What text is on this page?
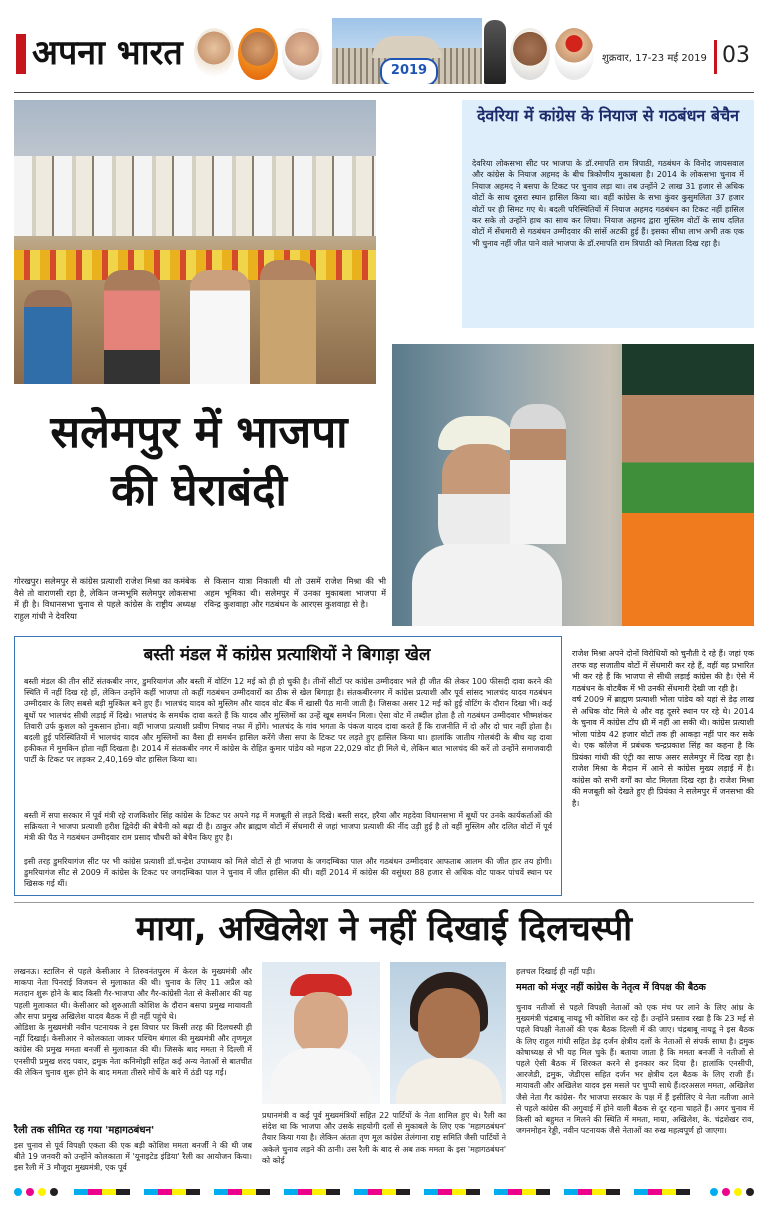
अपना भारत	2019
शुक्रवार, 17-23 मई 2019 03
देवरिया में कांग्रेस के नियाज से गठबंधन बेचैन
देवरिया लोकसभा सीट पर भाजपा के डॉ.रमापति राम त्रिपाठी, गठबंधन के विनोद जायसवाल और कांग्रेस के नियाज अहमद के बीच त्रिकोणीय मुकाबला है। 2014 के लोकसभा चुनाव में नियाज अहमद ने बसपा के टिकट पर चुनाव लड़ा था। तब उन्होंने 2 लाख 31 हजार से अधिक वोटों के साथ दूसरा स्थान हासिल किया था। वहीं कांग्रेस के सभा कुंवर कुसुमलिता 37 हजार वोटों पर ही सिमट गए थे। बदली परिस्थितियों में नियाज अहमद गठबंधन का टिकट नहीं हासिल कर सके तो उन्होंने हाथ का साथ कर लिया। नियाज अहमद द्वारा मुस्लिम वोटों के साथ दलित वोटों में सेंधमारी से गठबंधन उम्मीदवार की सांसें अटकी हुई हैं। इसका सीधा लाभ अभी तक एक भी चुनाव नहीं जीत पाने वाले भाजपा के डॉ.रमापति राम त्रिपाठी को मिलता दिख रहा है।
सलेमपुर में भाजपा
की घेराबंदी
गोरखपुर। सलेमपुर से कांग्रेस प्रत्याशी राजेश मिश्रा का कमंबेक वैसे तो वाराणसी रहा है, लेकिन जन्मभूमि सलेमपुर लोकसभा में ही है। विधानसभा चुनाव से पहले कांग्रेस के राष्ट्रीय अध्यक्ष राहुल गांधी ने देवरिया
से किसान यात्रा निकाली थी तो उसमें राजेश मिश्रा की भी अहम भूमिका थी। सलेमपुर में उनका मुकाबला भाजपा में रविन्द्र कुशवाहा और गठबंधन के आरएस कुशवाहा से है।
बस्ती मंडल में कांग्रेस प्रत्याशियों ने बिगाड़ा खेल
बस्ती मंडल की तीन सीटें संतकबीर नगर, डुमरियागंज और बस्ती में वोटिंग 12 मई को ही हो चुकी है। तीनों सीटों पर कांग्रेस उम्मीदवार भले ही जीत की लेकर 100 फीसदी दावा करने की स्थिति में नहीं दिख रहे हों, लेकिन उन्होंने कहीं भाजपा तो कहीं गठबंधन उम्मीदवारों का ठीक से खेल बिगाड़ा है। संतकबीरनगर में कांग्रेस प्रत्याशी और पूर्व सांसद भालचंद यादव गठबंधन उम्मीदवार के लिए सबसे बड़ी मुश्किल बने हुए हैं। भालचंद यादव को मुस्लिम और यादव वोट बैंक में खासी पैठ मानी जाती है। जिसका असर 12 मई को हुई वोटिंग के दौरान दिखा भी। कई बूथों पर भालचंद सीधी लड़ाई में दिखे। भालचंद के समर्थक दावा करते हैं कि यादव और मुस्लिमों का उन्हें खूब समर्थन मिला। ऐसा वोट में तब्दील होता है तो गठबंधन उम्मीदवार भीष्मशंकर तिवारी उर्फ कुशल को नुकसान होना। वहीं भाजपा प्रत्याशी प्रवीण निषाद नफा में होंगे। भालचंद के गांव भगता के पंकज यादव दावा करते हैं कि राजनीति में दो और दो चार नहीं होता है। बदली हुई परिस्थितियों में भालचंद यादव और मुस्लिमों का वैसा ही समर्थन हासिल करेंगे जैसा सपा के टिकट पर लड़ते हुए हासिल किया था। हालांकि जातीय गोलबंदी के बीच यह दावा हकीकत में मुमकिन होता नहीं दिखता है। 2014 में संतकबीर नगर में कांग्रेस के रोहित कुमार पांडेय को महज 22,029 वोट ही मिले थे, लेकिन बात भालचंद की करें तो उन्होंने समाजवादी पार्टी के टिकट पर लड़कर 2,40,169 वोट हासिल किया था।
बस्ती में सपा सरकार में पूर्व मंत्री रहे राजकिशोर सिंह कांग्रेस के टिकट पर अपने गढ़ में मजबूती से लड़ते दिखे। बस्ती सदर, हरैया और महदेवा विधानसभा में बूथों पर उनके कार्यकर्ताओं की सक्रियता ने भाजपा प्रत्याशी हरीश द्विवेदी की बेचैनी को बढ़ा दी है। ठाकुर और ब्राह्मण वोटों में सेंधमारी से जहां भाजपा प्रत्याशी की नींद उड़ी हुई है तो वहीं मुस्लिम और दलित वोटों में पूर्व मंत्री की पैठ ने गठबंधन उम्मीदवार राम प्रसाद चौधरी को बेचैन किए हुए है।
इसी तरह डुमरियागंज सीट पर भी कांग्रेस प्रत्याशी डॉ.चन्द्रेश उपाध्याय को मिले वोटों से ही भाजपा के जगदम्बिका पाल और गठबंधन उम्मीदवार आफताब आलम की जीत हार तय होगी। डुमरियागंज सीट से 2009 में कांग्रेस के टिकट पर जगदम्बिका पाल ने चुनाव में जीत हासिल की थी। वहीं 2014 में कांग्रेस की वसुंधरा 88 हजार से अधिक वोट पाकर पांचवें स्थान पर खिसक गई थीं।
राजेश मिश्रा अपने दोनों विरोधियों को चुनौती दे रहे हैं। जहां एक तरफ वह सजातीय वोटों में सेंधमारी कर रहे हैं, वहीं वह प्रभारित भी कर रहे हैं कि भाजपा से सीधी लड़ाई कांग्रेस की है। ऐसे में गठबंधन के वोटबैंक में भी उनकी सेंधमारी देखी जा रही है।
वर्ष 2009 में ब्राह्मण प्रत्याशी भोला पांडेय को यहां से डेढ़ लाख से अधिक वोट मिले थे और वह दूसरे स्थान पर रहे थे। 2014 के चुनाव में कांग्रेस टॉप थ्री में नहीं आ सकी थी। कांग्रेस प्रत्याशी भोला पांडेय 42 हजार वोटों तक ही आकड़ा नहीं पार कर सके थे। एक कॉलेज में प्रबंधक चन्द्रप्रकाश सिंह का कहना है कि प्रियंका गांधी की एंट्री का साफ असर सलेमपुर में दिख रहा है। राजेश मिश्रा के मैदान में आने से कांग्रेस मुख्य लड़ाई में है। कांग्रेस को सभी वर्गों का वोट मिलता दिख रहा है। राजेश मिश्रा की मजबूती को देखते हुए ही प्रियंका ने सलेमपुर में जनसभा की है।
माया, अखिलेश ने नहीं दिखाई दिलचस्पी
लखनऊ। स्टालिन से पहले केसीआर ने तिरुवनंतपुरम में केरल के मुख्यमंत्री और माकपा नेता पिनराई विजयन से मुलाकात की थी। चुनाव के लिए 11 अप्रैल को मतदान शुरू होने के बाद किसी गैर-भाजपा और गैर-कांग्रेसी नेता से केसीआर की यह पहली मुलाकात थी। केसीआर को शुरुआती कोशिश के दौरान बसपा प्रमुख मायावती और सपा प्रमुख अखिलेश यादव बैठक में ही नहीं पहुंचे थे।
ओडिशा के मुख्यमंत्री नवीन पटनायक ने इस विचार पर किसी तरह की दिलचस्पी ही नहीं दिखाई। केसीआर ने कोलकाता जाकर पश्चिम बंगाल की मुख्यमंत्री और तृणमूल कांग्रेस की प्रमुख ममता बनर्जी से मुलाकात की थी। जिसके बाद ममता ने दिल्ली में एनसीपी प्रमुख शरद पवार, द्रमुक नेता कनिमोझी सहित कई अन्य नेताओं से बातचीत की लेकिन चुनाव शुरू होने के बाद ममता तीसरे मोर्चे के बारे में ठंडी पड़ गईं।
रैली तक सीमित रह गया 'महागठबंधन'
इस चुनाव से पूर्व विपक्षी एकता की एक बड़ी कोशिश ममता बनर्जी ने की थी जब बीते 19 जनवरी को उन्होंने कोलकाता में 'यूनाइटेड इंडिया' रैली का आयोजन किया। इस रैली में 3 मौजूदा मुख्यमंत्री, एक पूर्व
प्रधानमंत्री व कई पूर्व मुख्यमंत्रियों सहित 22 पार्टियों के नेता शामिल हुए थे। रैली का संदेश था कि भाजपा और उसके सहयोगी दलों से मुकाबले के लिए एक 'महागठबंधन' तैयार किया गया है। लेकिन अंततः तृण मूल कांग्रेस तेलंगाना राष्ट्र समिति जैसी पार्टियों ने अकेले चुनाव लड़ने की ठानी। उस रैली के बाद से अब तक ममता के इस 'महागठबंधन' को कोई
हलचल दिखाई ही नहीं पड़ी।
ममता को मंजूर नहीं कांग्रेस के नेतृत्व में विपक्ष की बैठक
चुनाव नतीजों से पहले विपक्षी नेताओं को एक मंच पर लाने के लिए आंध्र के मुख्यमंत्री चंद्रबाबू नायडू भी कोशिश कर रहे हैं। उन्होंने प्रस्ताव रखा है कि 23 मई से पहले विपक्षी नेताओं की एक बैठक दिल्ली में की जाए। चंद्रबाबू नायडू ने इस बैठक के लिए राहुल गांधी सहित डेढ़ दर्जन क्षेत्रीय दलों के नेताओं से संपर्क साधा है। द्रमुक कोषाध्यक्ष से भी यह मिल चुके हैं। बताया जाता है कि ममता बनर्जी ने नतीजों से पहले ऐसी बैठक में शिरकत करने से इनकार कर दिया है। हालांकि एनसीपी, आरजेडी, द्रमुक, जेडीएस सहित दर्जन भर क्षेत्रीय दल बैठक के लिए राजी हैं। मायावती और अखिलेश यादव इस मसले पर चुप्पी साधे हैं।दरअसल ममता, अखिलेश जैसे नेता गैर कांग्रेस- गैर भाजपा सरकार के पक्ष में हैं इसीलिए ये नेता नतीजा आने से पहले कांग्रेस की अगुवाई में होने वाली बैठक से दूर रहना चाहते हैं। अगर चुनाव में किसी को बहुमत न मिलने की स्थिति में ममता, माया, अखिलेश, के. चंद्रशेखर राव, जगनमोहन रेड्डी, नवीन पटनायक जैसे नेताओं का रुख महत्वपूर्ण हो जाएगा।
